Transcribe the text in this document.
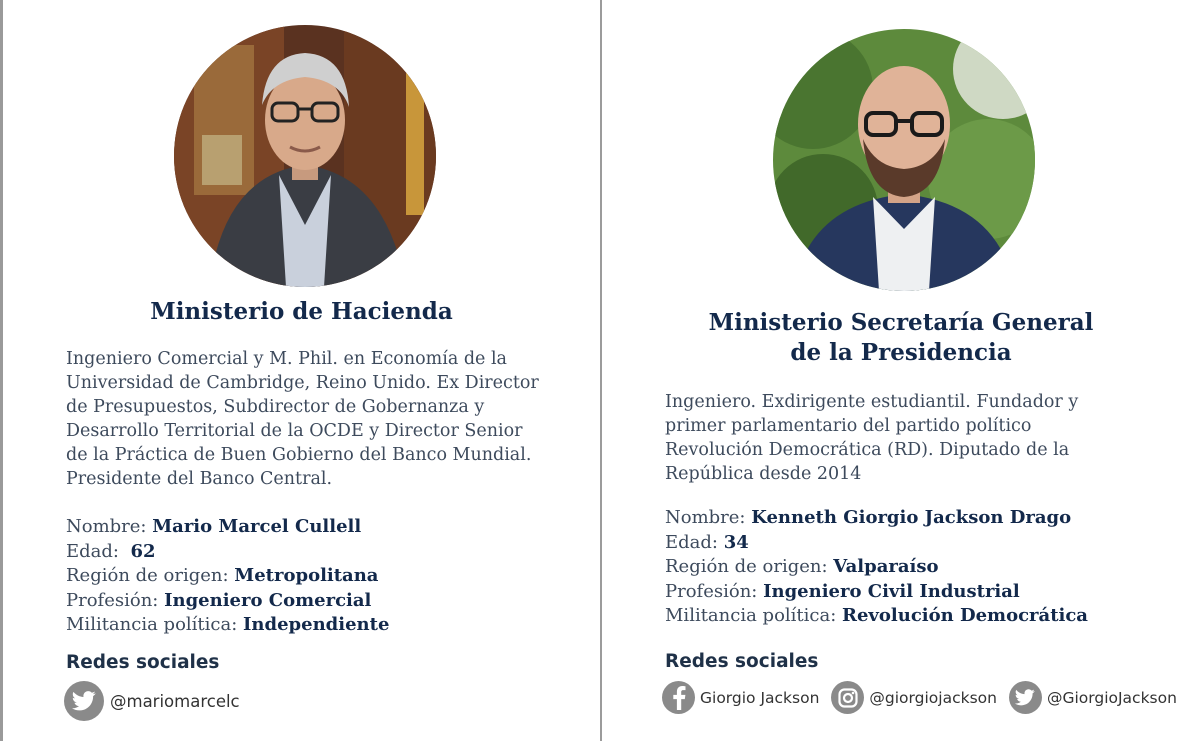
Ministerio de Hacienda

Ingeniero Comercial y M. Phil. en Economía de la
Universidad de Cambridge, Reino Unido. Ex Director
de Presupuestos, Subdirector de Gobernanza y
Desarrollo Territorial de la OCDE y Director Senior
de la Práctica de Buen Gobierno del Banco Mundial.
Presidente del Banco Central.

Nombre: Mario Marcel Cullell
Edad:  62
Región de origen: Metropolitana
Profesión: Ingeniero Comercial
Militancia política: Independiente
Redes sociales
@mariomarcelc
Ministerio Secretaría General
de la Presidencia

Ingeniero. Exdirigente estudiantil. Fundador y
primer parlamentario del partido político
Revolución Democrática (RD). Diputado de la
República desde 2014

Nombre: Kenneth Giorgio Jackson Drago
Edad: 34
Región de origen: Valparaíso
Profesión: Ingeniero Civil Industrial
Militancia política: Revolución Democrática
Redes sociales
Giorgio Jackson	@giorgiojackson	@GiorgioJackson
